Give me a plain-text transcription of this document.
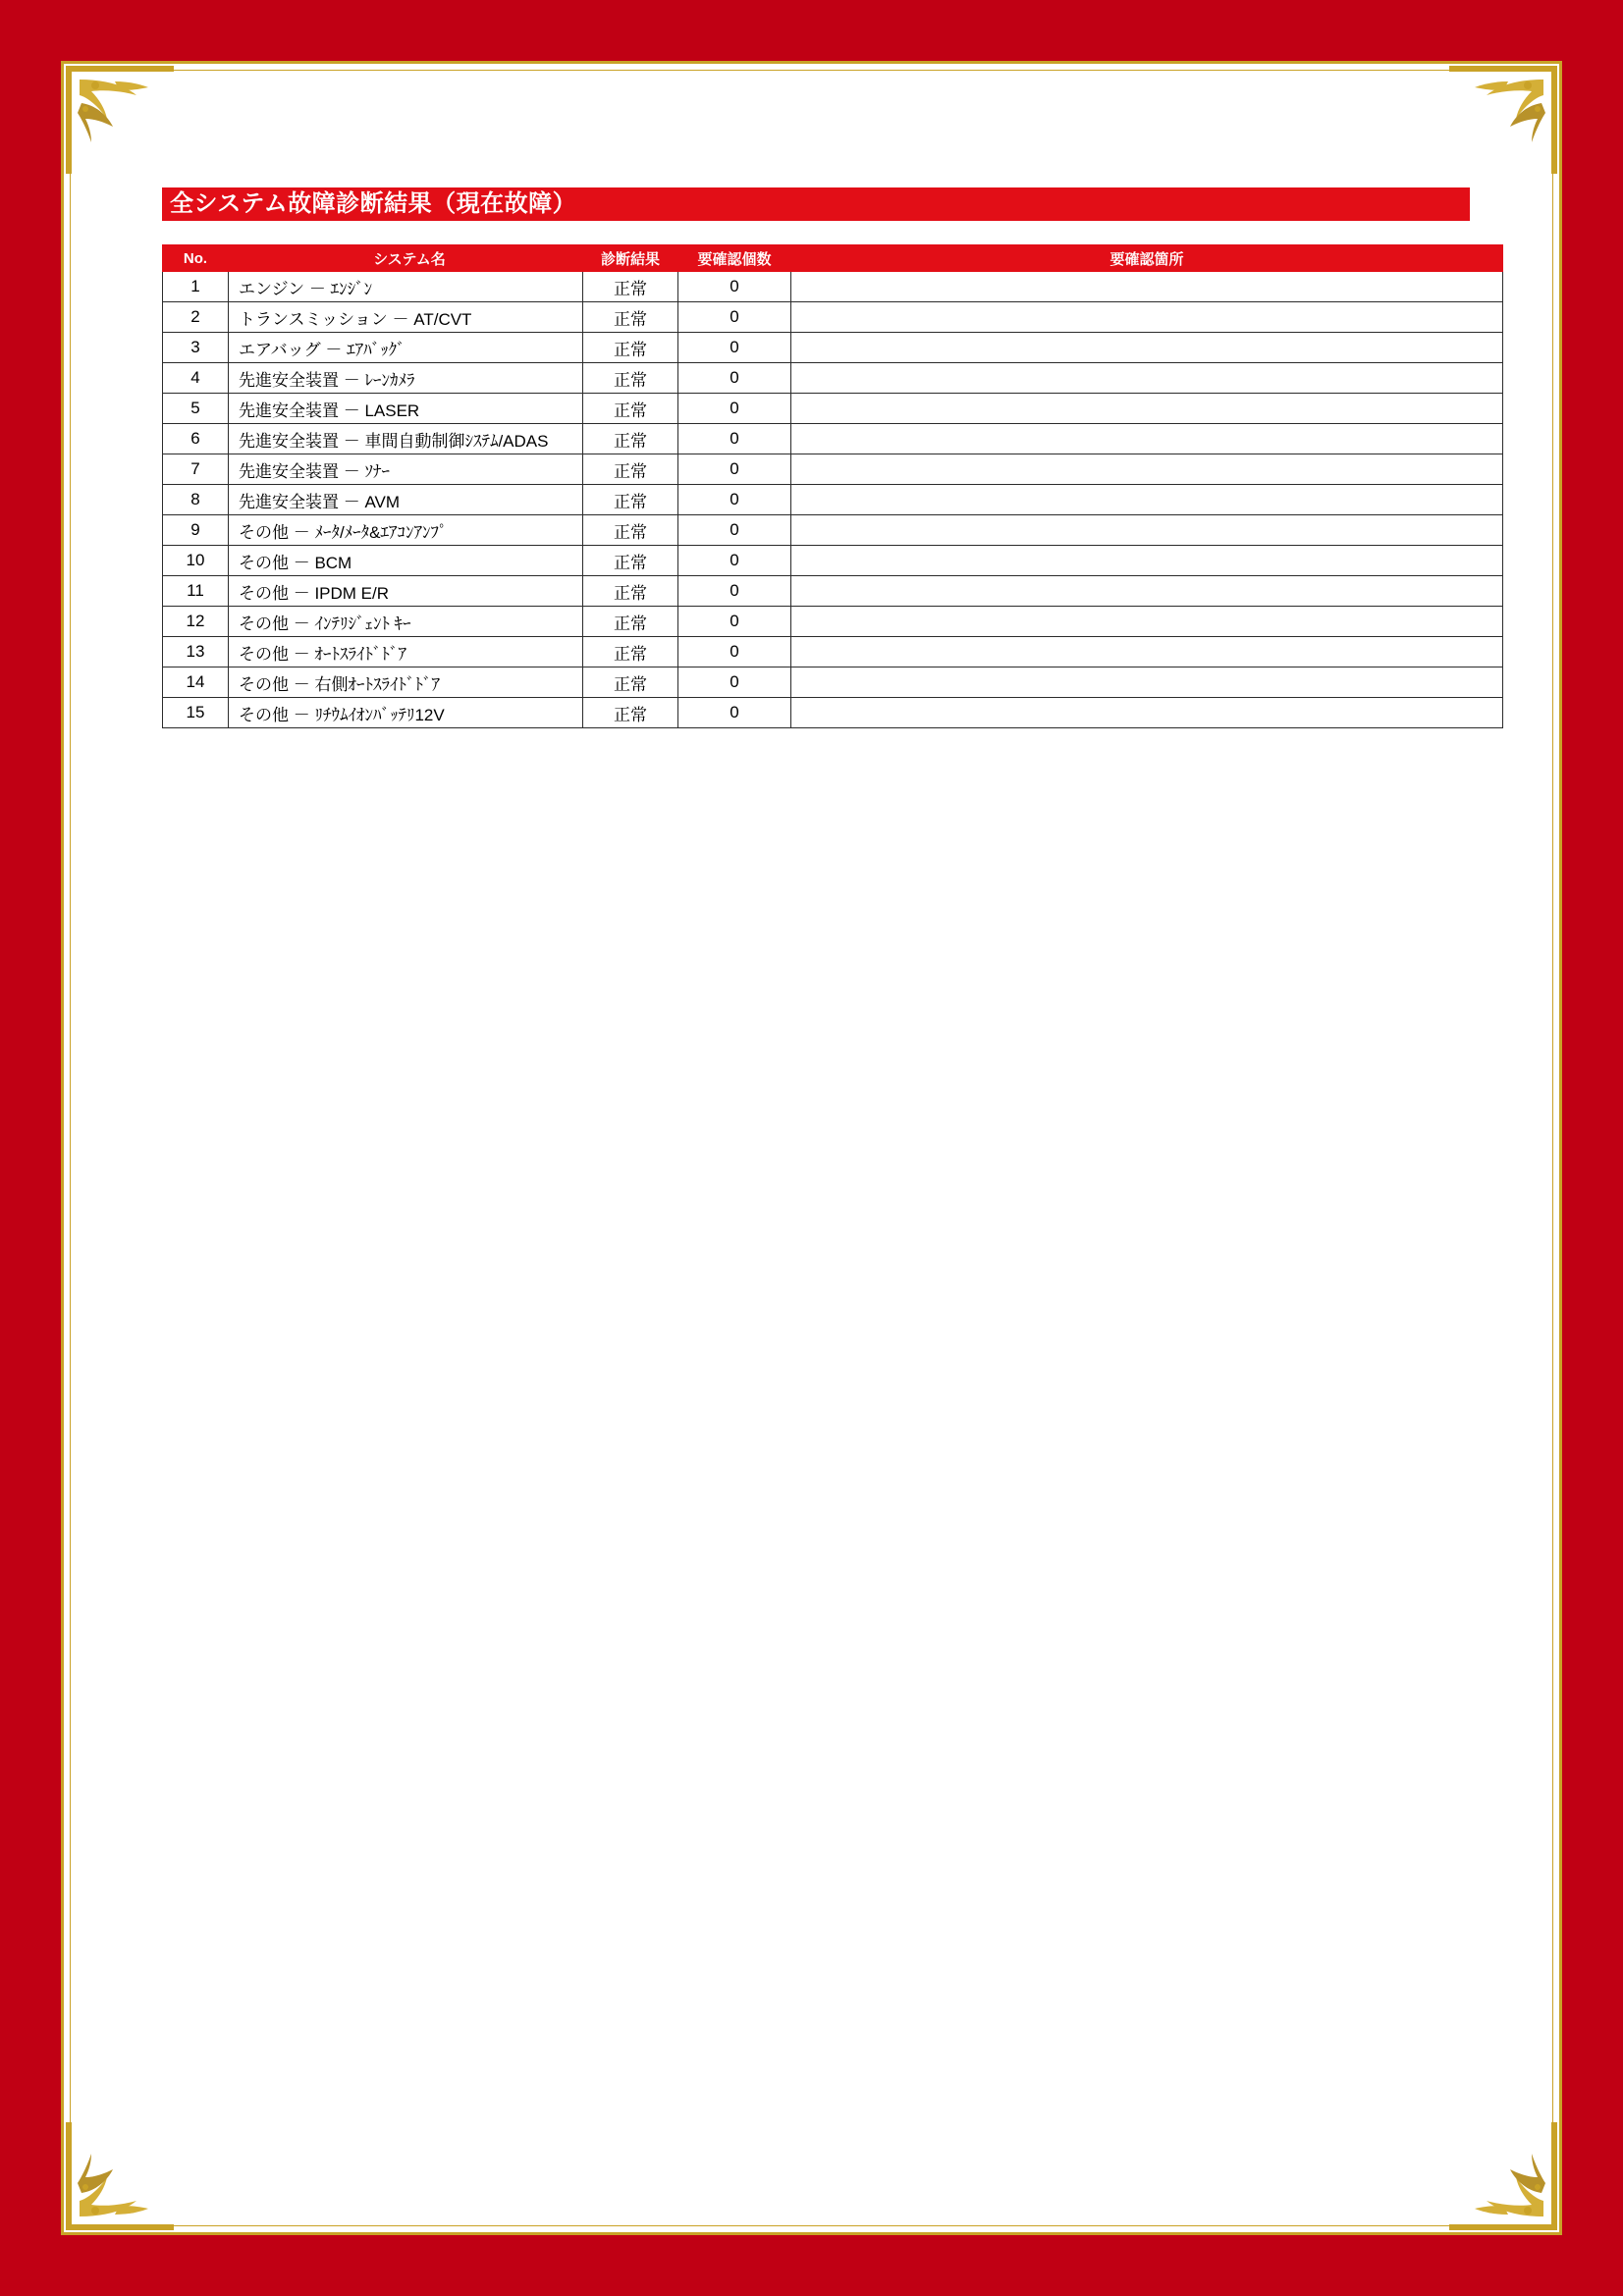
全システム故障診断結果（現在故障）
No.	システム名	診断結果	要確認個数	要確認箇所
1	エンジン － ｴﾝｼﾞﾝ	正常	0	
2	トランスミッション － AT/CVT	正常	0	
3	エアバッグ － ｴｱﾊﾞｯｸﾞ	正常	0	
4	先進安全装置 － ﾚｰﾝｶﾒﾗ	正常	0	
5	先進安全装置 － LASER	正常	0	
6	先進安全装置 － 車間自動制御ｼｽﾃﾑ/ADAS	正常	0	
7	先進安全装置 － ｿﾅｰ	正常	0	
8	先進安全装置 － AVM	正常	0	
9	その他 － ﾒｰﾀ/ﾒｰﾀ&ｴｱｺﾝｱﾝﾌﾟ	正常	0	
10	その他 － BCM	正常	0	
11	その他 － IPDM E/R	正常	0	
12	その他 － ｲﾝﾃﾘｼﾞｪﾝﾄ ｷｰ	正常	0	
13	その他 － ｵｰﾄｽﾗｲﾄﾞﾄﾞｱ	正常	0	
14	その他 － 右側ｵｰﾄｽﾗｲﾄﾞﾄﾞｱ	正常	0	
15	その他 － ﾘﾁｳﾑｲｵﾝﾊﾞｯﾃﾘ12V	正常	0	
